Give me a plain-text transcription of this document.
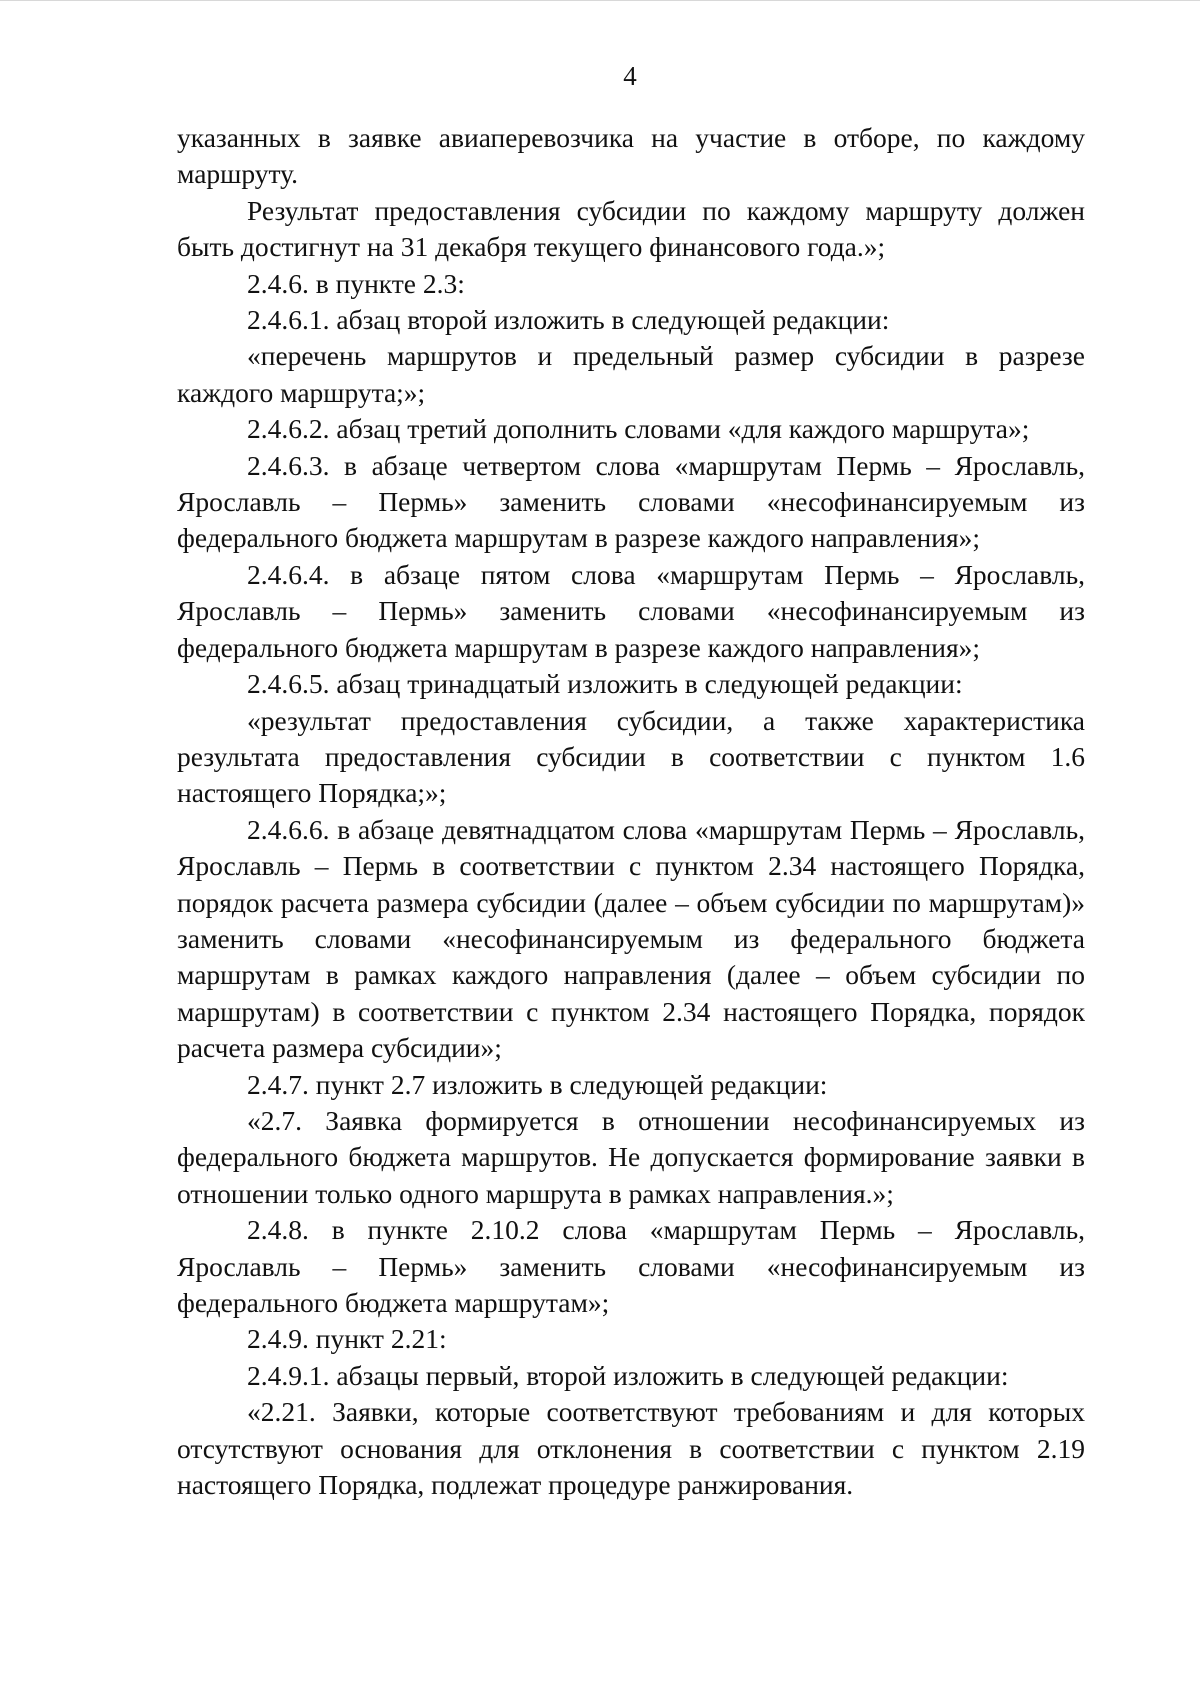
4

указанных в заявке авиаперевозчика на участие в отборе, по каждому маршруту.

Результат предоставления субсидии по каждому маршруту должен быть достигнут на 31 декабря текущего финансового года.»;

2.4.6. в пункте 2.3:

2.4.6.1. абзац второй изложить в следующей редакции:

«перечень маршрутов и предельный размер субсидии в разрезе каждого маршрута;»;

2.4.6.2. абзац третий дополнить словами «для каждого маршрута»;

2.4.6.3. в абзаце четвертом слова «маршрутам Пермь – Ярославль, Ярославль – Пермь» заменить словами «несофинансируемым из федерального бюджета маршрутам в разрезе каждого направления»;

2.4.6.4. в абзаце пятом слова «маршрутам Пермь – Ярославль, Ярославль – Пермь» заменить словами «несофинансируемым из федерального бюджета маршрутам в разрезе каждого направления»;

2.4.6.5. абзац тринадцатый изложить в следующей редакции:

«результат предоставления субсидии, а также характеристика результата предоставления субсидии в соответствии с пунктом 1.6 настоящего Порядка;»;

2.4.6.6. в абзаце девятнадцатом слова «маршрутам Пермь – Ярославль, Ярославль – Пермь в соответствии с пунктом 2.34 настоящего Порядка, порядок расчета размера субсидии (далее – объем субсидии по маршрутам)» заменить словами «несофинансируемым из федерального бюджета маршрутам в рамках каждого направления (далее – объем субсидии по маршрутам) в соответствии с пунктом 2.34 настоящего Порядка, порядок расчета размера субсидии»;

2.4.7. пункт 2.7 изложить в следующей редакции:

«2.7. Заявка формируется в отношении несофинансируемых из федерального бюджета маршрутов. Не допускается формирование заявки в отношении только одного маршрута в рамках направления.»;

2.4.8. в пункте 2.10.2 слова «маршрутам Пермь – Ярославль, Ярославль – Пермь» заменить словами «несофинансируемым из федерального бюджета маршрутам»;

2.4.9. пункт 2.21:

2.4.9.1. абзацы первый, второй изложить в следующей редакции:

«2.21. Заявки, которые соответствуют требованиям и для которых отсутствуют основания для отклонения в соответствии с пунктом 2.19 настоящего Порядка, подлежат процедуре ранжирования.
